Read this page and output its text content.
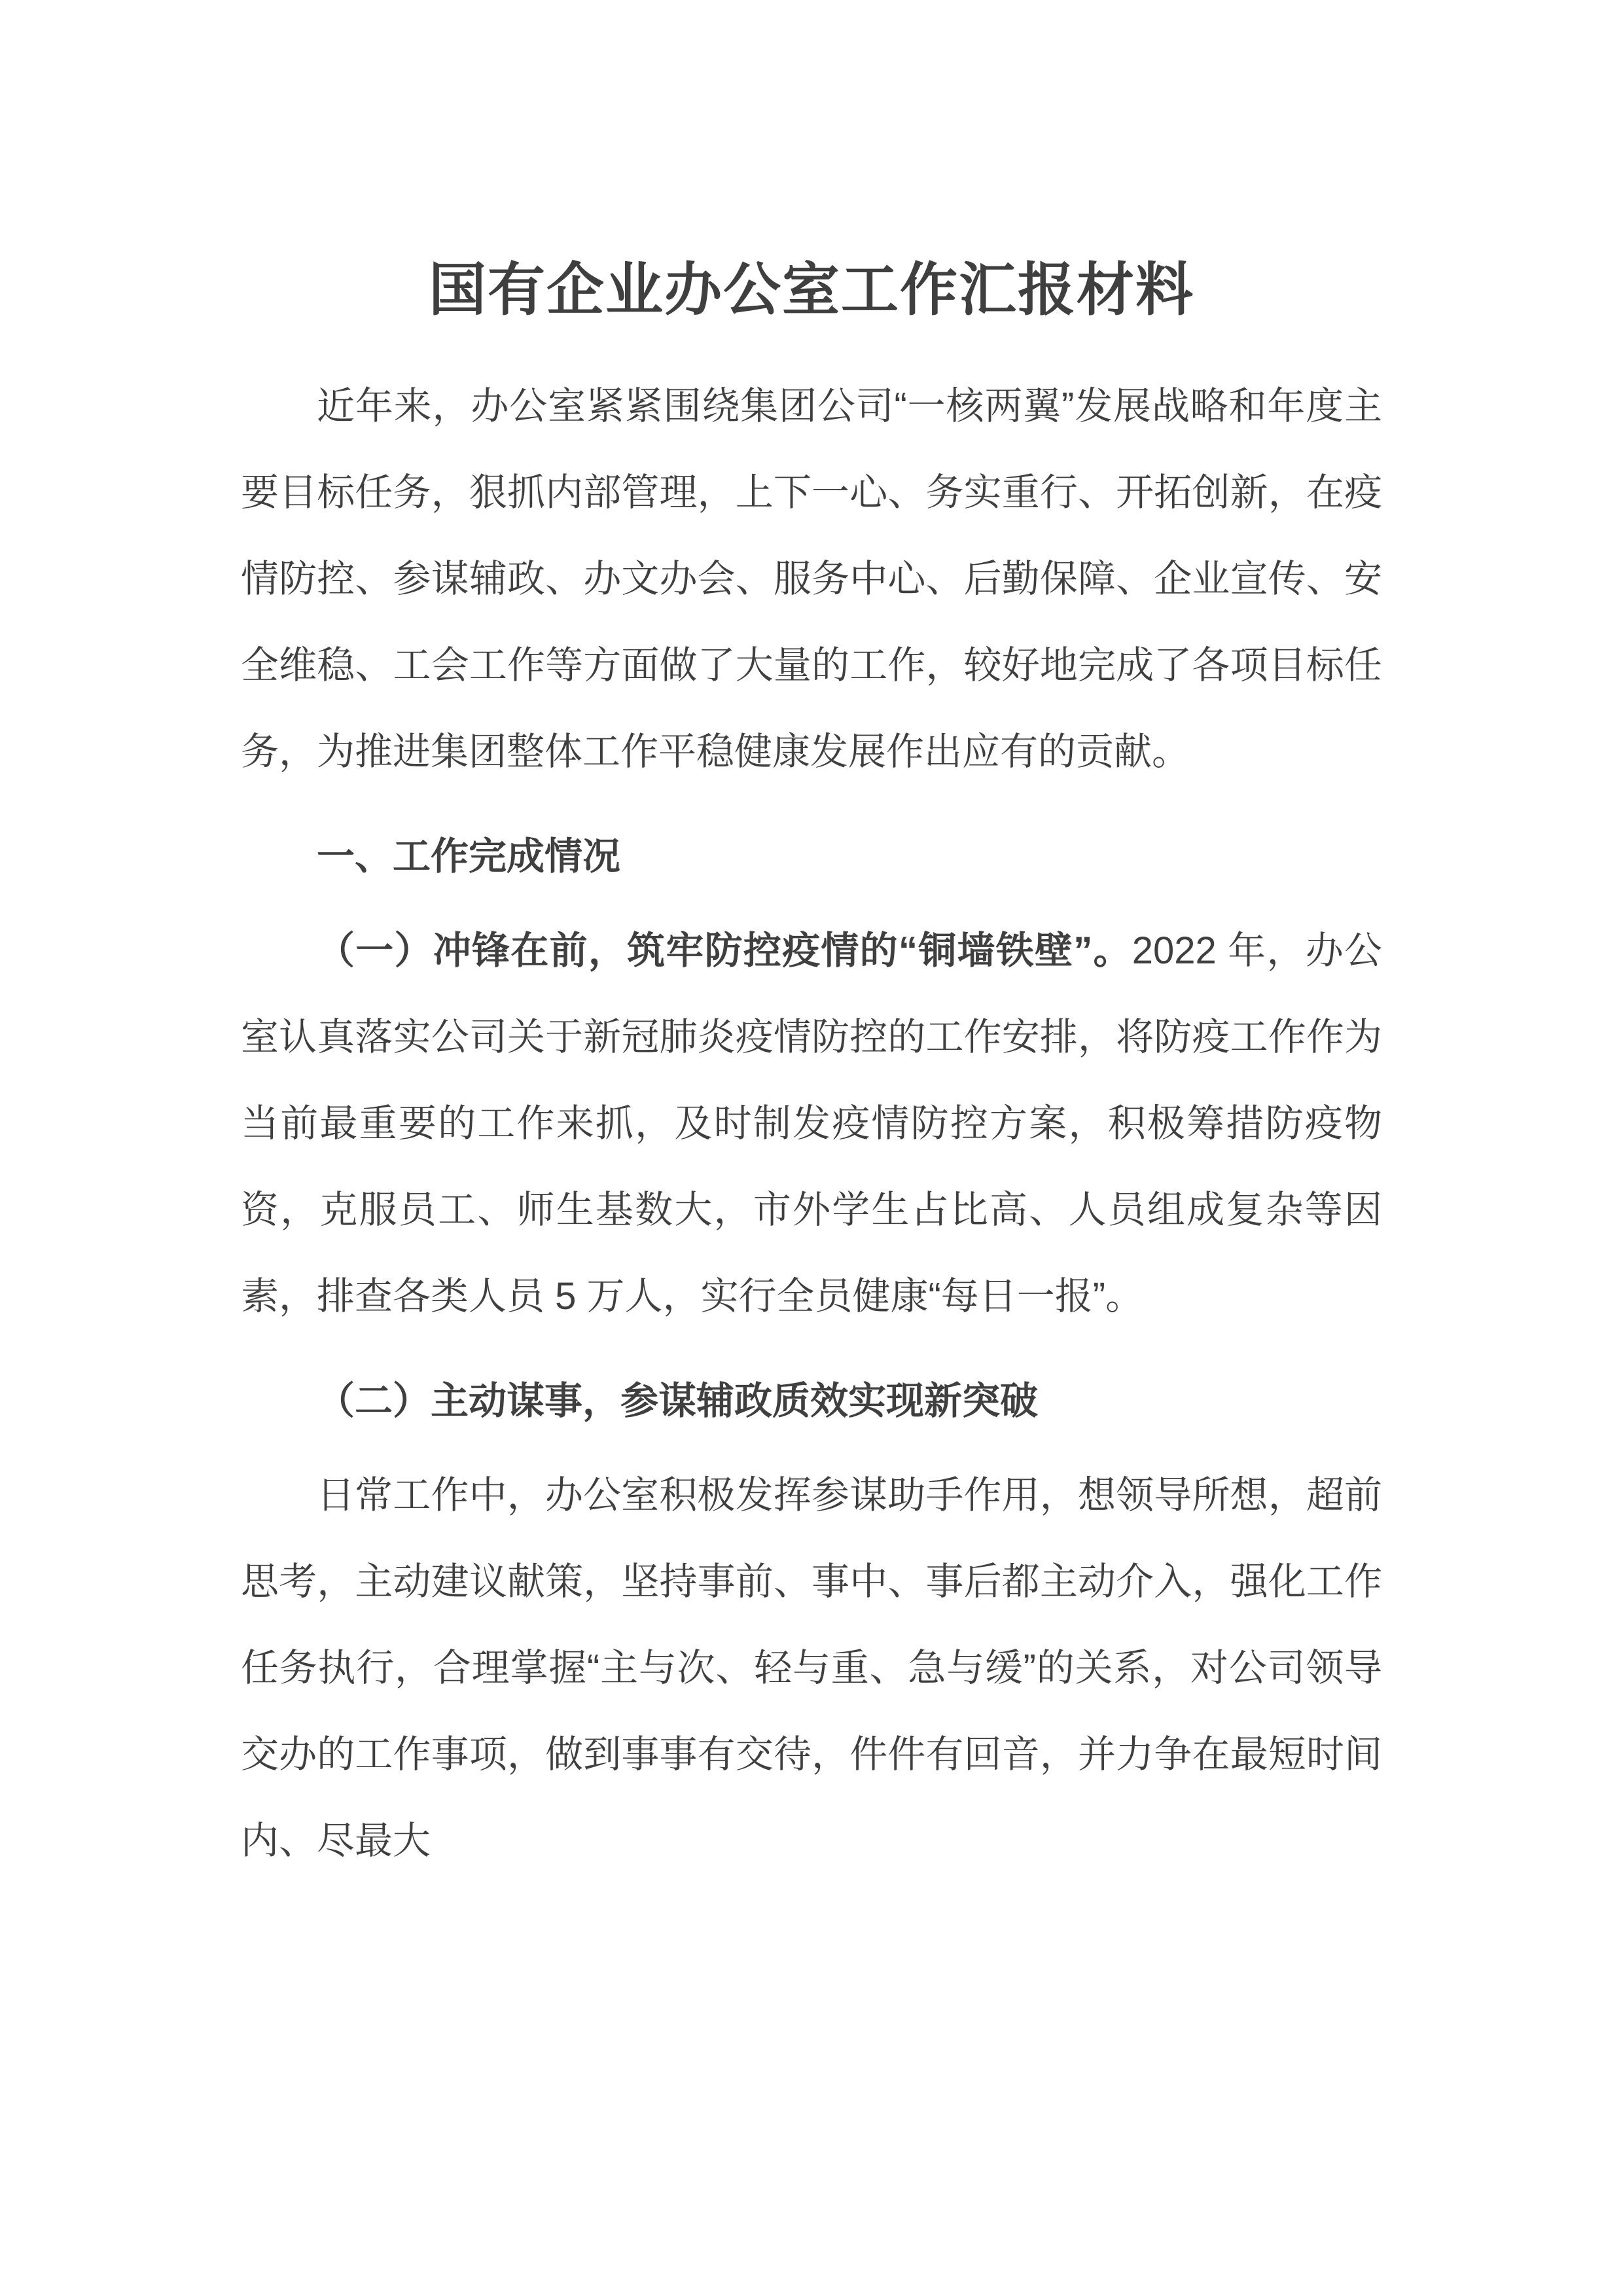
国有企业办公室工作汇报材料

近年来，办公室紧紧围绕集团公司“一核两翼”发展战略和年度主要目标任务，狠抓内部管理，上下一心、务实重行、开拓创新，在疫情防控、参谋辅政、办文办会、服务中心、后勤保障、企业宣传、安全维稳、工会工作等方面做了大量的工作，较好地完成了各项目标任务，为推进集团整体工作平稳健康发展作出应有的贡献。

一、工作完成情况

（一）冲锋在前，筑牢防控疫情的“铜墙铁壁”。2022 年，办公室认真落实公司关于新冠肺炎疫情防控的工作安排，将防疫工作作为当前最重要的工作来抓，及时制发疫情防控方案，积极筹措防疫物资，克服员工、师生基数大，市外学生占比高、人员组成复杂等因素，排查各类人员 5 万人，实行全员健康“每日一报”。

（二）主动谋事，参谋辅政质效实现新突破

日常工作中，办公室积极发挥参谋助手作用，想领导所想，超前思考，主动建议献策，坚持事前、事中、事后都主动介入，强化工作任务执行，合理掌握“主与次、轻与重、急与缓”的关系，对公司领导交办的工作事项，做到事事有交待，件件有回音，并力争在最短时间内、尽最大
